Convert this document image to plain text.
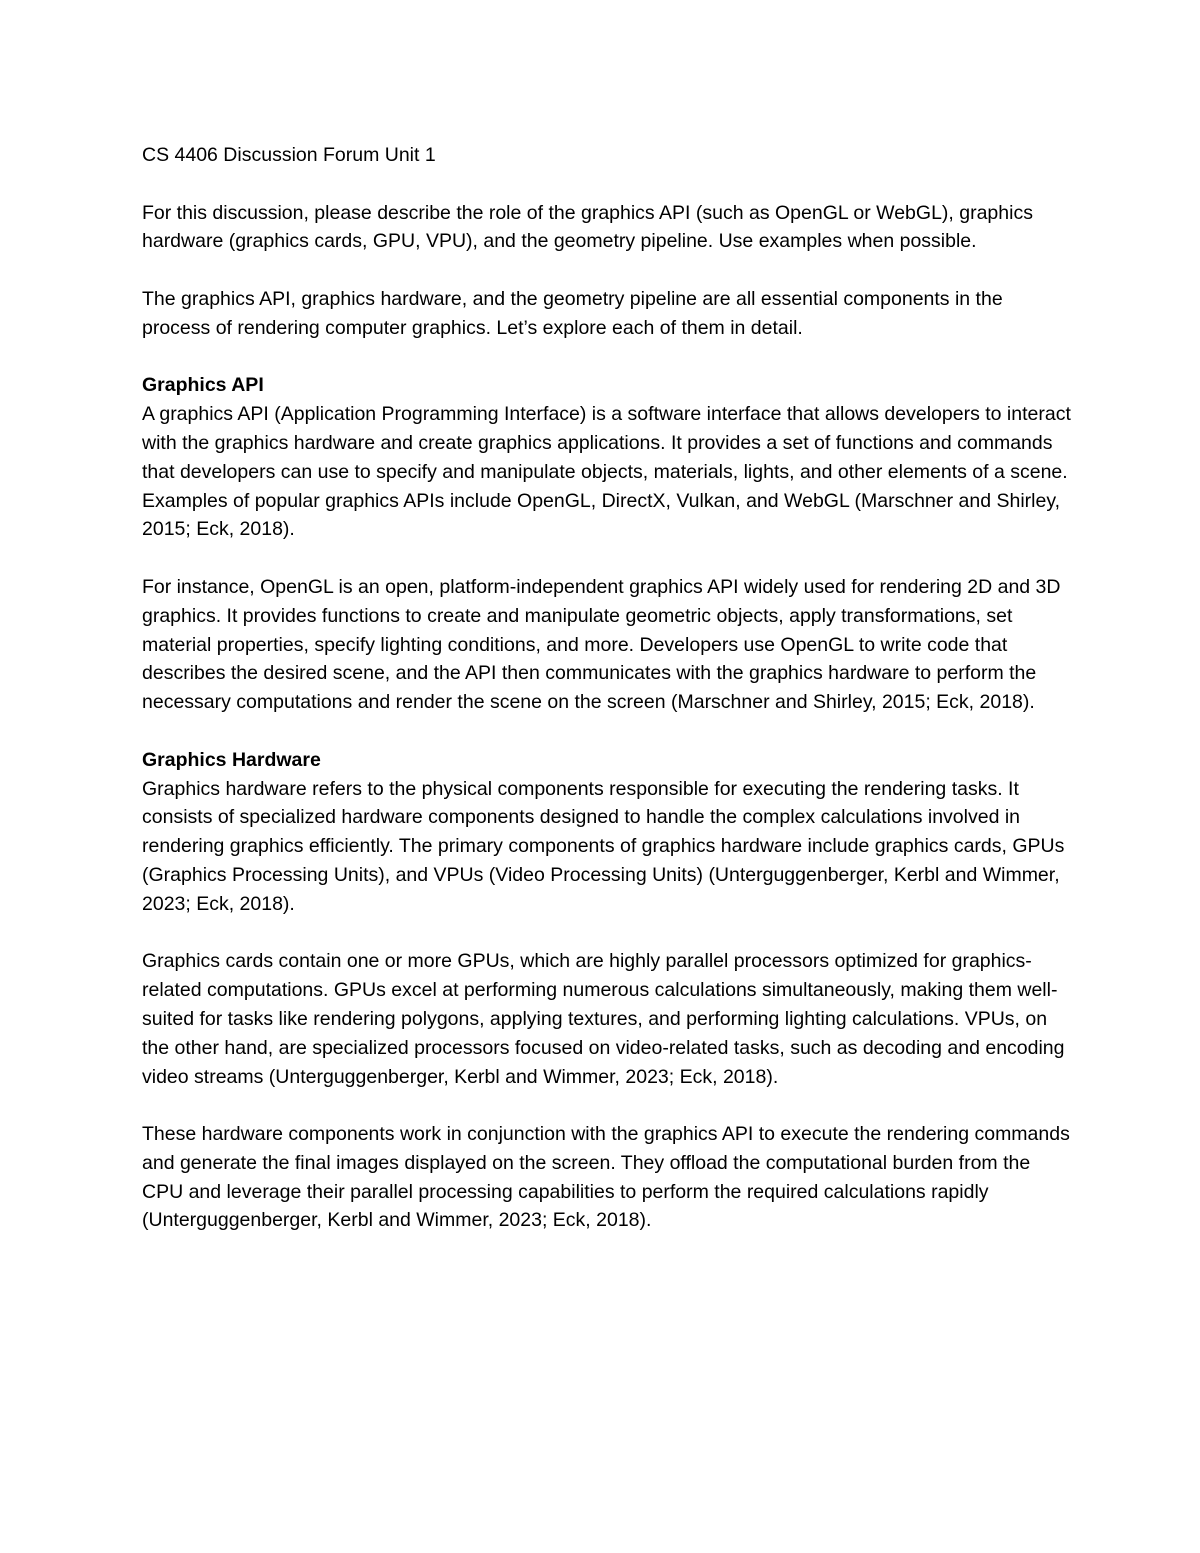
CS 4406 Discussion Forum Unit 1

For this discussion, please describe the role of the graphics API (such as OpenGL or WebGL), graphics hardware (graphics cards, GPU, VPU), and the geometry pipeline. Use examples when possible.

The graphics API, graphics hardware, and the geometry pipeline are all essential components in the process of rendering computer graphics. Let’s explore each of them in detail.

Graphics API

A graphics API (Application Programming Interface) is a software interface that allows developers to interact with the graphics hardware and create graphics applications. It provides a set of functions and commands that developers can use to specify and manipulate objects, materials, lights, and other elements of a scene. Examples of popular graphics APIs include OpenGL, DirectX, Vulkan, and WebGL (Marschner and Shirley, 2015; Eck, 2018).

For instance, OpenGL is an open, platform-independent graphics API widely used for rendering 2D and 3D graphics. It provides functions to create and manipulate geometric objects, apply transformations, set material properties, specify lighting conditions, and more. Developers use OpenGL to write code that describes the desired scene, and the API then communicates with the graphics hardware to perform the necessary computations and render the scene on the screen (Marschner and Shirley, 2015; Eck, 2018).

Graphics Hardware

Graphics hardware refers to the physical components responsible for executing the rendering tasks. It consists of specialized hardware components designed to handle the complex calculations involved in rendering graphics efficiently. The primary components of graphics hardware include graphics cards, GPUs (Graphics Processing Units), and VPUs (Video Processing Units) (Unterguggenberger, Kerbl and Wimmer, 2023; Eck, 2018).

Graphics cards contain one or more GPUs, which are highly parallel processors optimized for graphics-related computations. GPUs excel at performing numerous calculations simultaneously, making them well-suited for tasks like rendering polygons, applying textures, and performing lighting calculations. VPUs, on the other hand, are specialized processors focused on video-related tasks, such as decoding and encoding video streams (Unterguggenberger, Kerbl and Wimmer, 2023; Eck, 2018).

These hardware components work in conjunction with the graphics API to execute the rendering commands and generate the final images displayed on the screen. They offload the computational burden from the CPU and leverage their parallel processing capabilities to perform the required calculations rapidly (Unterguggenberger, Kerbl and Wimmer, 2023; Eck, 2018).
